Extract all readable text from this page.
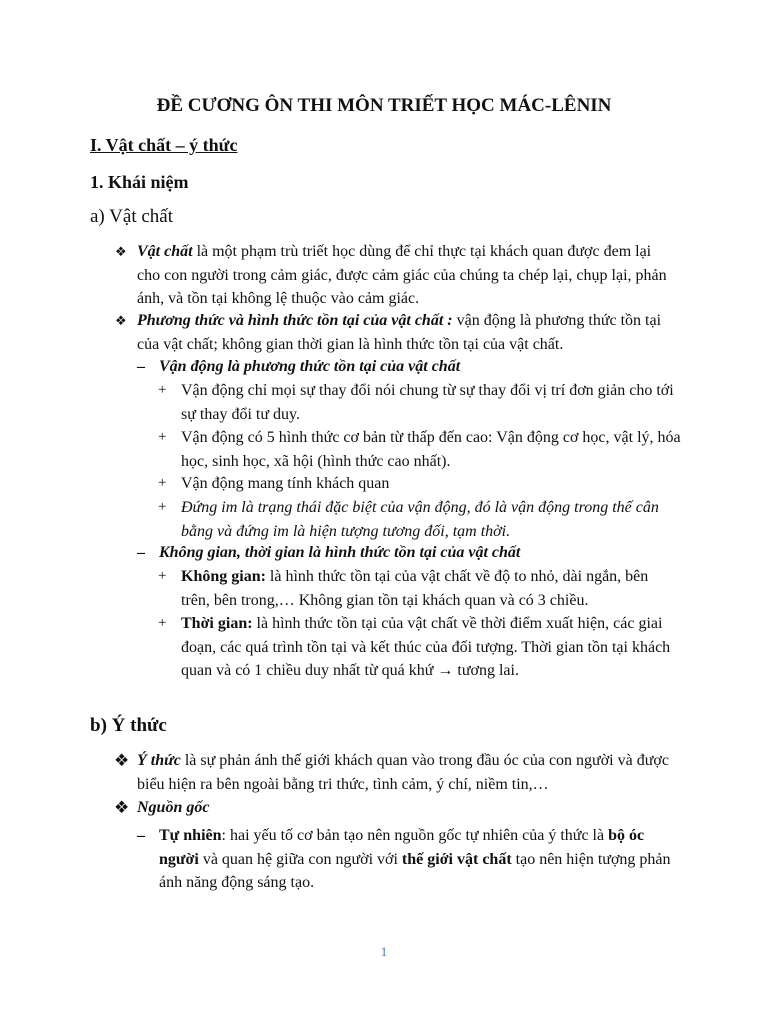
ĐỀ CƯƠNG ÔN THI MÔN TRIẾT HỌC MÁC-LÊNIN
I. Vật chất – ý thức
1. Khái niệm
a) Vật chất
❖ Vật chất là một phạm trù triết học dùng để chỉ thực tại khách quan được đem lại cho con người trong cảm giác, được cảm giác của chúng ta chép lại, chụp lại, phản ánh, và tồn tại không lệ thuộc vào cảm giác.
❖ Phương thức và hình thức tồn tại của vật chất : vận động là phương thức tồn tại của vật chất; không gian thời gian là hình thức tồn tại của vật chất.
– Vận động là phương thức tồn tại của vật chất
+ Vận động chỉ mọi sự thay đổi nói chung từ sự thay đổi vị trí đơn giản cho tới sự thay đổi tư duy.
+ Vận động có 5 hình thức cơ bản từ thấp đến cao: Vận động cơ học, vật lý, hóa học, sinh học, xã hội (hình thức cao nhất).
+ Vận động mang tính khách quan
+ Đứng im là trạng thái đặc biệt của vận động, đó là vận động trong thế cân bằng và đứng im là hiện tượng tương đối, tạm thời.
– Không gian, thời gian là hình thức tồn tại của vật chất
+ Không gian: là hình thức tồn tại của vật chất về độ to nhỏ, dài ngắn, bên trên, bên trong,… Không gian tồn tại khách quan và có 3 chiều.
+ Thời gian: là hình thức tồn tại của vật chất về thời điểm xuất hiện, các giai đoạn, các quá trình tồn tại và kết thúc của đối tượng. Thời gian tồn tại khách quan và có 1 chiều duy nhất từ quá khứ → tương lai.
b) Ý thức
❖ Ý thức là sự phản ánh thế giới khách quan vào trong đầu óc của con người và được biểu hiện ra bên ngoài bằng tri thức, tình cảm, ý chí, niềm tin,…
❖ Nguồn gốc
– Tự nhiên: hai yếu tố cơ bản tạo nên nguồn gốc tự nhiên của ý thức là bộ óc người và quan hệ giữa con người với thế giới vật chất tạo nên hiện tượng phản ánh năng động sáng tạo.
1
